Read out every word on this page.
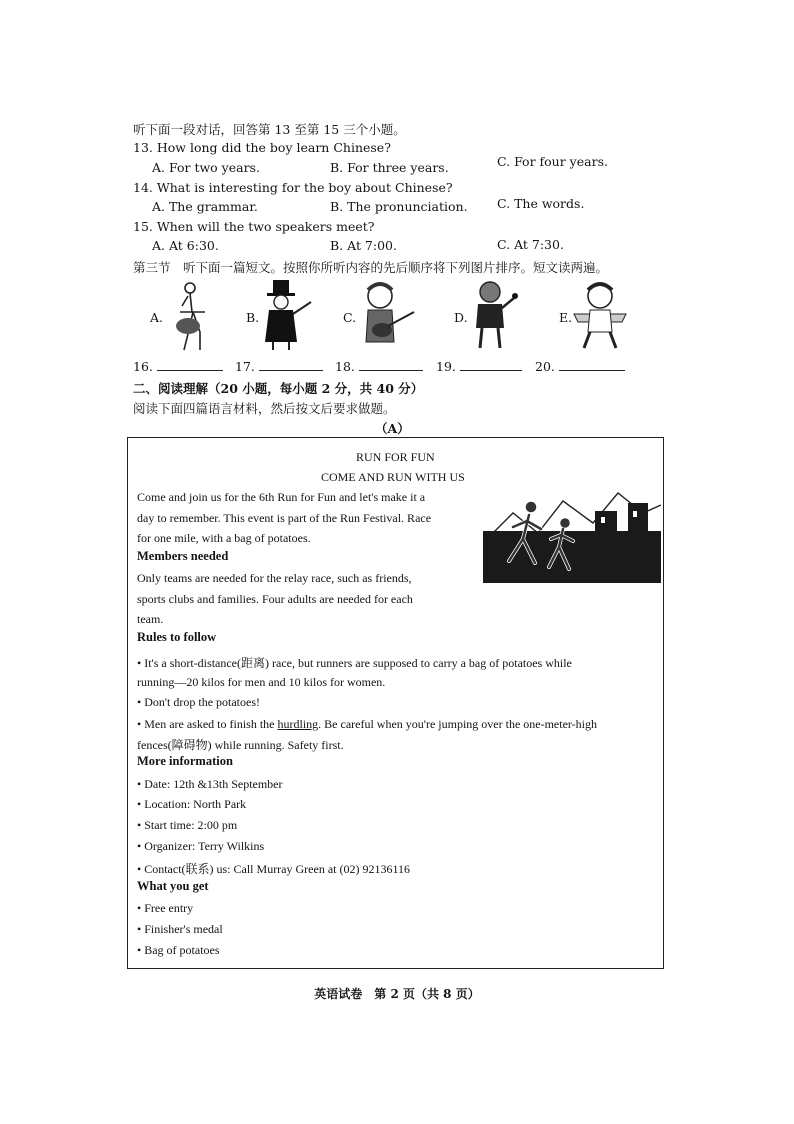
听下面一段对话，回答第 13 至第 15 三个小题。
13. How long did the boy learn Chinese?
A. For two years.	B. For three years.	C. For four years.
14. What is interesting for the boy about Chinese?
A. The grammar.	B. The pronunciation. C. The words.
15. When will the two speakers meet?
A. At 6:30.	B. At 7:00.	C. At 7:30.
第三节　听下面一篇短文。按照你所听内容的先后顺序将下列图片排序。短文读两遍。
A.	B.	C.	D.	E.
16.	17.	18.	19.	20.
二、阅读理解（20 小题，每小题 2 分，共 40 分）
阅读下面四篇语言材料，然后按文后要求做题。
（A）
RUN FOR FUN
COME AND RUN WITH US
Come and join us for the 6th Run for Fun and let's make it a
day to remember. This event is part of the Run Festival. Race
for one mile, with a bag of potatoes.
Members needed
Only teams are needed for the relay race, such as friends,
sports clubs and families. Four adults are needed for each
team.
Rules to follow
• It's a short-distance(距离) race, but runners are supposed to carry a bag of potatoes while
running—20 kilos for men and 10 kilos for women.
• Don't drop the potatoes!
• Men are asked to finish the hurdling. Be careful when you're jumping over the one-meter-high
fences(障碍物) while running. Safety first.
More information
• Date: 12th &13th September
• Location: North Park
• Start time: 2:00 pm
• Organizer: Terry Wilkins
• Contact(联系) us: Call Murray Green at (02) 92136116
What you get
• Free entry
• Finisher's medal
• Bag of potatoes
英语试卷　第 2 页（共 8 页）
